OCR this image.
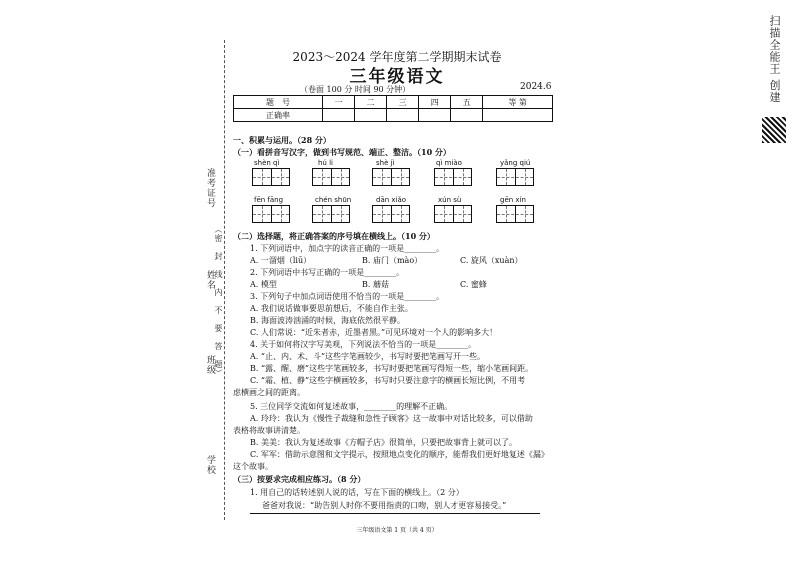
准考证号
姓名 （密　封　线　内　不　要　答　题）
班级
学校
扫描全能王 创建
2023～2024 学年度第二学期期末试卷
三年级语文
（卷面 100 分 时间 90 分钟）	2024.6
题　号	一	二	三	四	五	等 第
正确率						
一、积累与运用。（28 分）
（一）看拼音写汉字，做到书写规范、端正、整洁。（10 分）
shèn qì	hú li	shè jì	qì miào	yǎng qiú
fēn fāng	chén shūn	dān xiǎo	xún sù	gēn xín
（二）选择题，将正确答案的序号填在横线上。（10 分）
1. 下列词语中，加点字的读音正确的一项是________。
A. 一溜烟（liū）	B. 庙门（mào）	C. 旋风（xuàn）
2. 下列词语中书写正确的一项是________。
A. 模型	B. 蘑菇	C. 蜜蜂
3. 下列句子中加点词语使用不恰当的一项是________。
A. 我们说话做事要思前想后，不能自作主张。
B. 海面波涛汹涌的时候，海底依然很平静。
C. 人们常说：“近朱者赤，近墨者黑。”可见环境对一个人的影响多大！
4. 关于如何将汉字写美观，下列说法不恰当的一项是________。
A. “止、内、术、斗”这些字笔画较少，书写时要把笔画写开一些。
B. “露、醒、磨”这些字笔画较多，书写时要把笔画写得短一些，缩小笔画间距。
C. “霜、植、静”这些字横画较多，书写时只要注意字的横画长短比例，不用考
虑横画之间的距离。
5. 三位同学交流如何复述故事，________的理解不正确。
A. 玲玲：我认为《慢性子裁缝和急性子顾客》这一故事中对话比较多，可以借助
表格将故事讲清楚。
B. 美美：我认为复述故事《方帽子店》很简单，只要把故事背上就可以了。
C. 军军：借助示意图和文字提示，按照地点变化的顺序，能帮我们更好地复述《漏》
这个故事。
（三）按要求完成相应练习。（8 分）
1. 用自己的话转述别人说的话，写在下面的横线上。（2 分）
爸爸对我说：“助告别人时你不要用指责的口吻，别人才更容易接受。”
三年级语文第 1 页（共 4 页）
